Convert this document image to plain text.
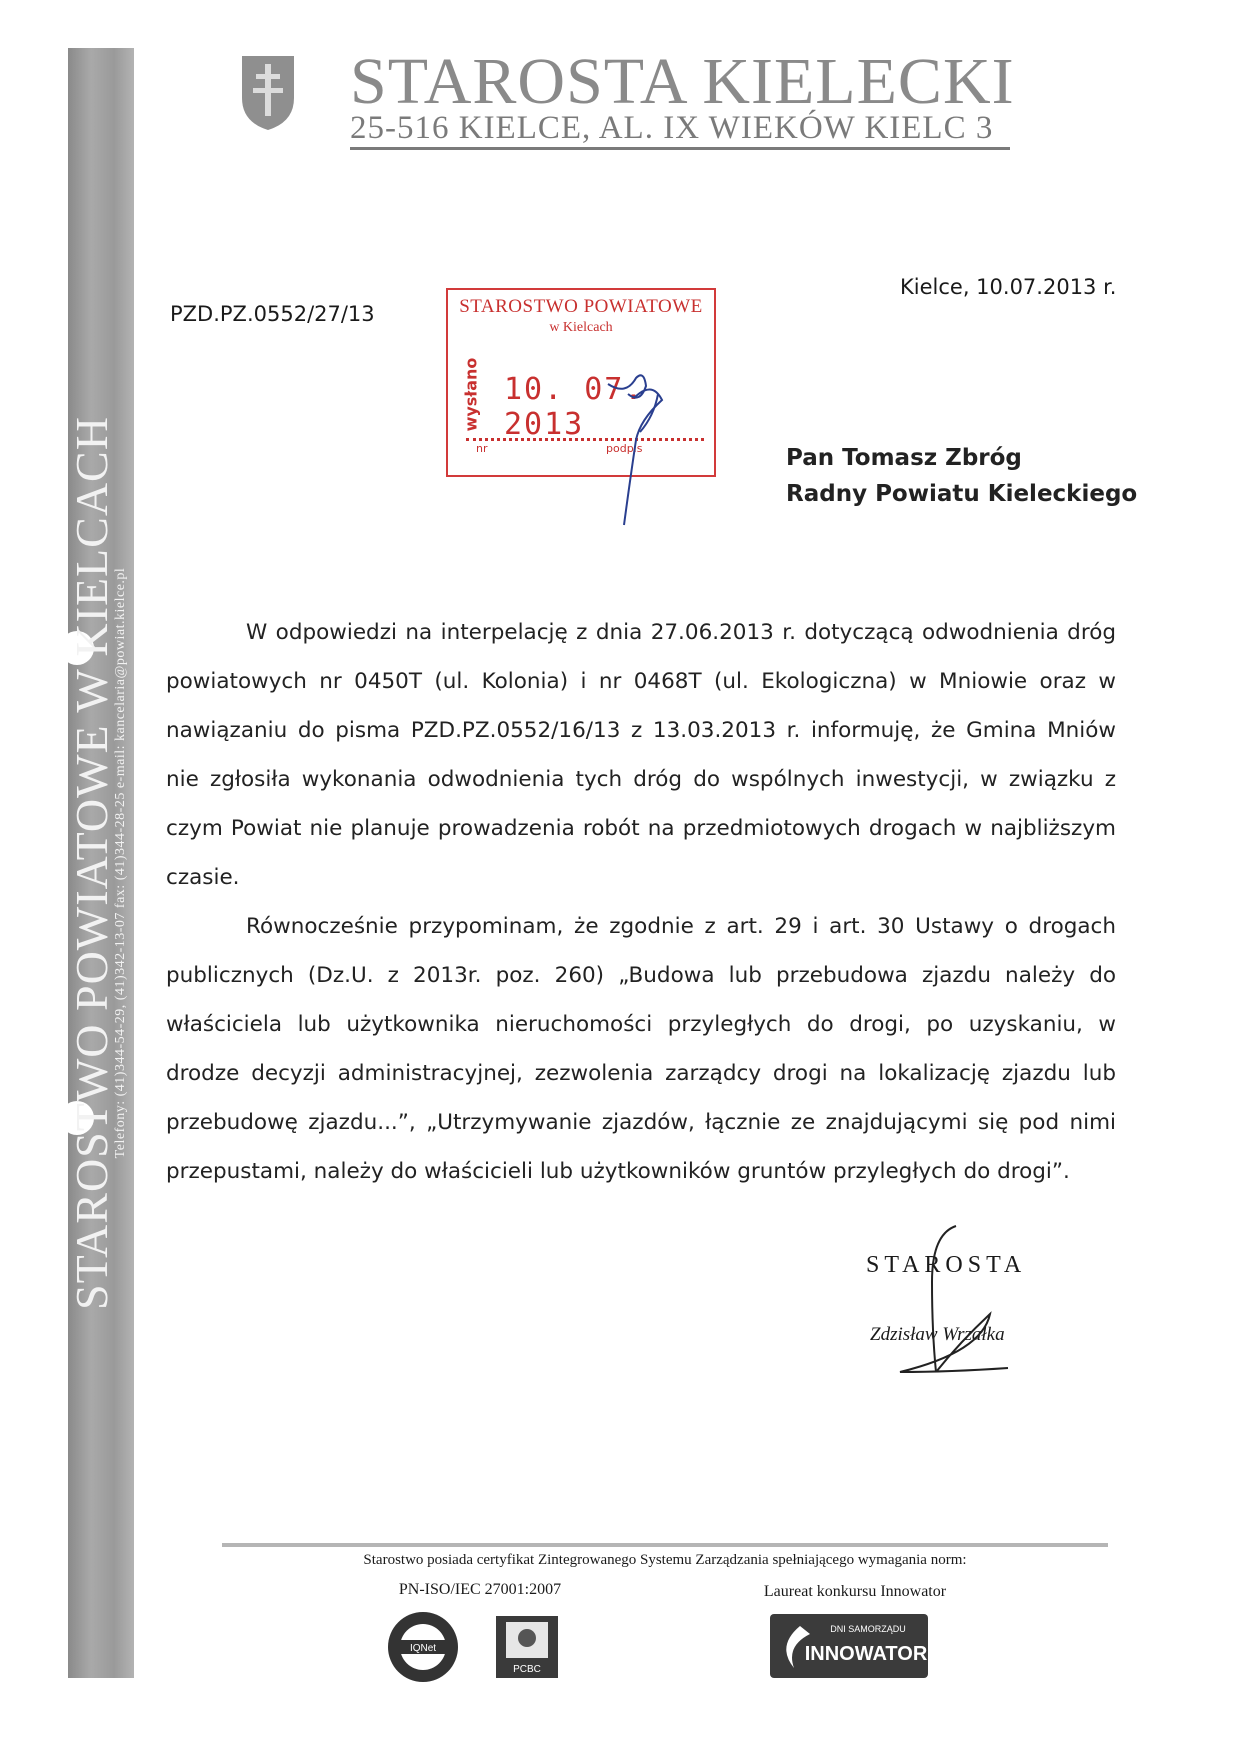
STAROSTWO POWIATOWE W KIELCACH
Telefony: (41)344-54-29, (41)342-13-07 fax: (41)344-28-25 e-mail: kancelaria@powiat.kielce.pl
STAROSTA KIELECKI
25-516 KIELCE, AL. IX WIEKÓW KIELC 3
PZD.PZ.0552/27/13
Kielce, 10.07.2013 r.
STAROSTWO POWIATOWE
w Kielcach
wysłano 10. 07. 2013
nr	podpis	Pan Tomasz Zbróg
Radny Powiatu Kieleckiego

W odpowiedzi na interpelację z dnia 27.06.2013 r. dotyczącą odwodnienia dróg powiatowych nr 0450T (ul. Kolonia) i nr 0468T (ul. Ekologiczna) w Mniowie oraz w nawiązaniu do pisma PZD.PZ.0552/16/13 z 13.03.2013 r. informuję, że Gmina Mniów nie zgłosiła wykonania odwodnienia tych dróg do wspólnych inwestycji, w związku z czym Powiat nie planuje prowadzenia robót na przedmiotowych drogach w najbliższym czasie.

Równocześnie przypominam, że zgodnie z art. 29 i art. 30 Ustawy o drogach publicznych (Dz.U. z 2013r. poz. 260) „Budowa lub przebudowa zjazdu należy do właściciela lub użytkownika nieruchomości przyległych do drogi, po uzyskaniu, w drodze decyzji administracyjnej, zezwolenia zarządcy drogi na lokalizację zjazdu lub przebudowę zjazdu...”, „Utrzymywanie zjazdów, łącznie ze znajdującymi się pod nimi przepustami, należy do właścicieli lub użytkowników gruntów przyległych do drogi”.

STAROSTA
Zdzisław Wrzałka
Starostwo posiada certyfikat Zintegrowanego Systemu Zarządzania spełniającego wymagania norm:
PN-ISO/IEC 27001:2007	Laureat konkursu Innowator
IQNet
PCBC
DNI SAMORZĄDU
INNOWATOR
